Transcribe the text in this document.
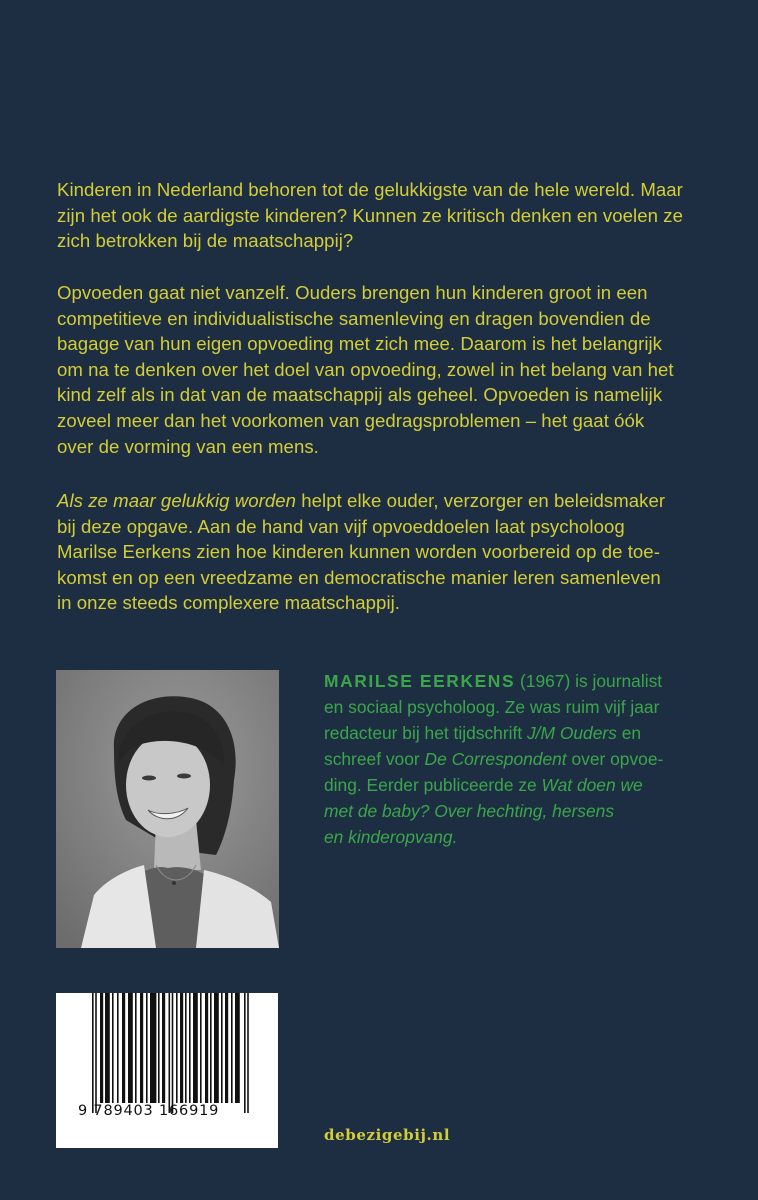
Kinderen in Nederland behoren tot de gelukkigste van de hele wereld. Maar
zijn het ook de aardigste kinderen? Kunnen ze kritisch denken en voelen ze
zich betrokken bij de maatschappij?
Opvoeden gaat niet vanzelf. Ouders brengen hun kinderen groot in een
competitieve en individualistische samenleving en dragen bovendien de
bagage van hun eigen opvoeding met zich mee. Daarom is het belangrijk
om na te denken over het doel van opvoeding, zowel in het belang van het
kind zelf als in dat van de maatschappij als geheel. Opvoeden is namelijk
zoveel meer dan het voorkomen van gedragsproblemen – het gaat óók
over de vorming van een mens.
Als ze maar gelukkig worden helpt elke ouder, verzorger en beleidsmaker
bij deze opgave. Aan de hand van vijf opvoeddoelen laat psycholoog
Marilse Eerkens zien hoe kinderen kunnen worden voorbereid op de toe-
komst en op een vreedzame en democratische manier leren samenleven
in onze steeds complexere maatschappij.
MARILSE EERKENS (1967) is journalist
en sociaal psycholoog. Ze was ruim vijf jaar
redacteur bij het tijdschrift J/M Ouders en
schreef voor De Correspondent over opvoe-
ding. Eerder publiceerde ze Wat doen we
met de baby? Over hechting, hersens
en kinderopvang.
9 789403 166919
debezigebij.nl
